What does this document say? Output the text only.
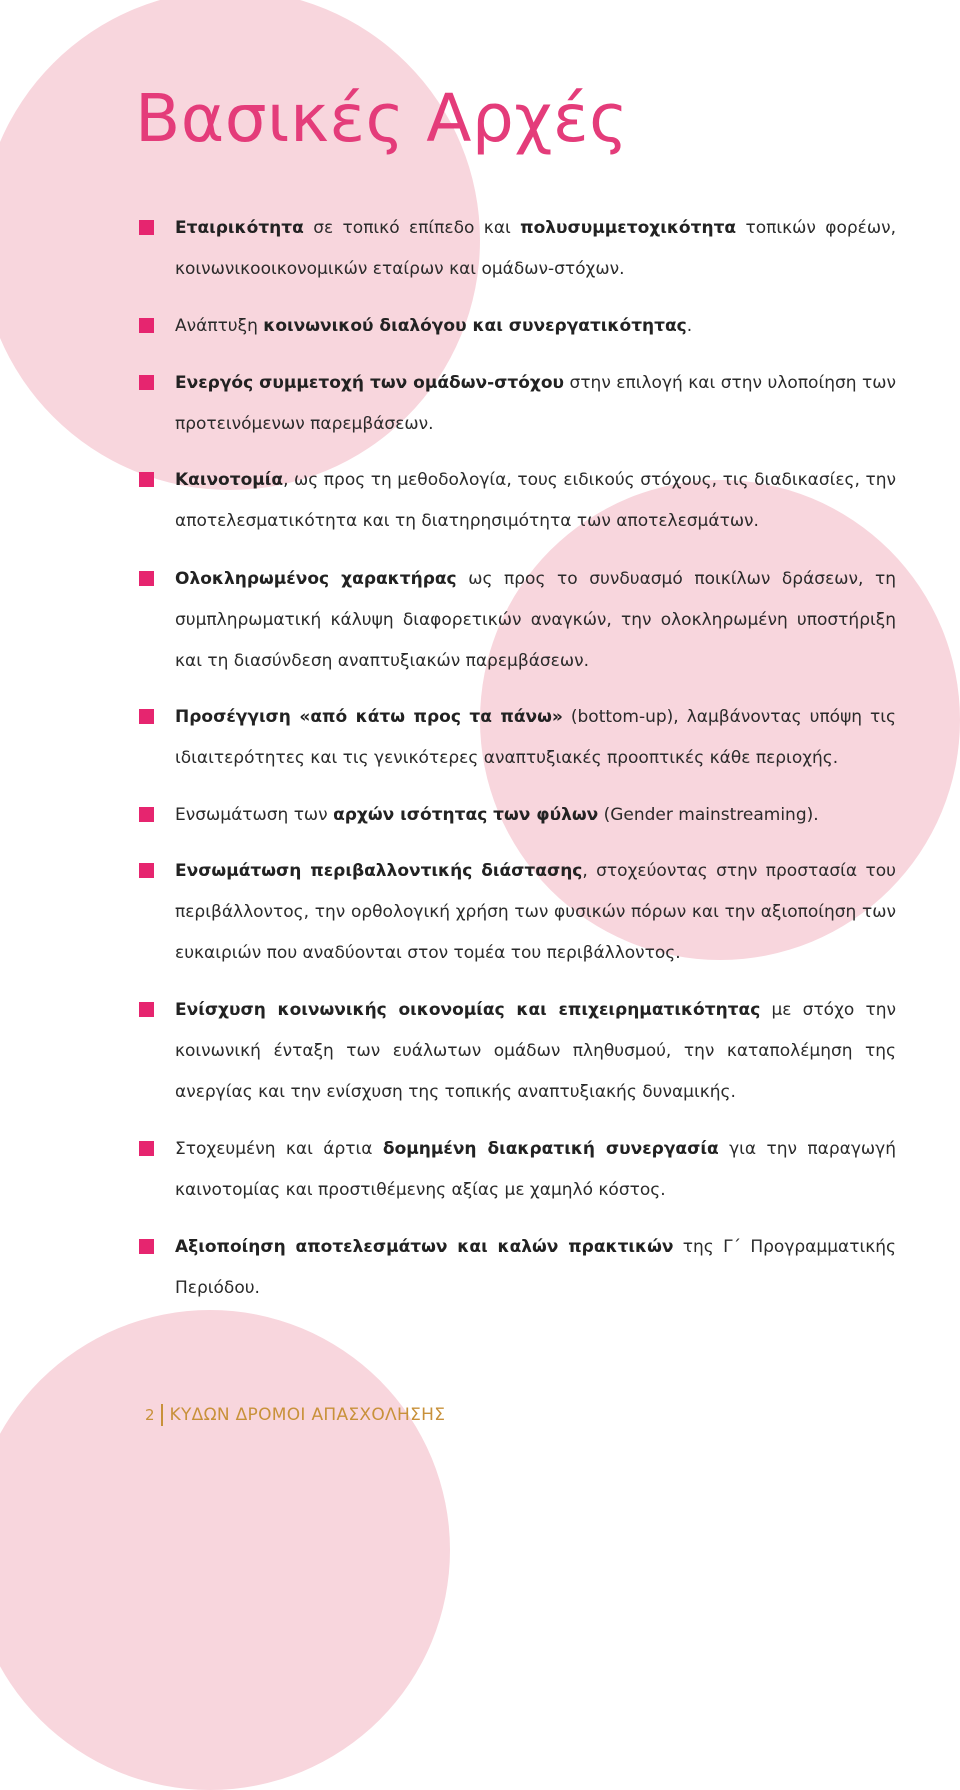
Βασικές Αρχές

Εταιρικότητα σε τοπικό επίπεδο και πολυσυμμετοχικότητα τοπικών φορέων, κοινωνικοοικονομικών εταίρων και ομάδων-στόχων.

Ανάπτυξη κοινωνικού διαλόγου και συνεργατικότητας.

Ενεργός συμμετοχή των ομάδων-στόχου στην επιλογή και στην υλοποίηση των προτεινόμενων παρεμβάσεων.

Καινοτομία, ως προς τη μεθοδολογία, τους ειδικούς στόχους, τις διαδικασίες, την αποτελεσματικότητα και τη διατηρησιμότητα των αποτελεσμάτων.

Ολοκληρωμένος χαρακτήρας ως προς το συνδυασμό ποικίλων δράσεων, τη συμπληρωματική κάλυψη διαφορετικών αναγκών, την ολοκληρωμένη υποστήριξη και τη διασύνδεση αναπτυξιακών παρεμβάσεων.

Προσέγγιση «από κάτω προς τα πάνω» (bottom-up), λαμβάνοντας υπόψη τις ιδιαιτερότητες και τις γενικότερες αναπτυξιακές προοπτικές κάθε περιοχής.

Ενσωμάτωση των αρχών ισότητας των φύλων (Gender mainstreaming).

Ενσωμάτωση περιβαλλοντικής διάστασης, στοχεύοντας στην προστασία του περιβάλλοντος, την ορθολογική χρήση των φυσικών πόρων και την αξιοποίηση των ευκαιριών που αναδύονται στον τομέα του περιβάλλοντος.

Ενίσχυση κοινωνικής οικονομίας και επιχειρηματικότητας με στόχο την κοινωνική ένταξη των ευάλωτων ομάδων πληθυσμού, την καταπολέμηση της ανεργίας και την ενίσχυση της τοπικής αναπτυξιακής δυναμικής.

Στοχευμένη και άρτια δομημένη διακρατική συνεργασία για την παραγωγή καινοτομίας και προστιθέμενης αξίας με χαμηλό κόστος.

Αξιοποίηση αποτελεσμάτων και καλών πρακτικών της Γ΄ Προγραμματικής Περιόδου.

2 ΚΥΔΩΝ ΔΡΟΜΟΙ ΑΠΑΣΧΟΛΗΣΗΣ
